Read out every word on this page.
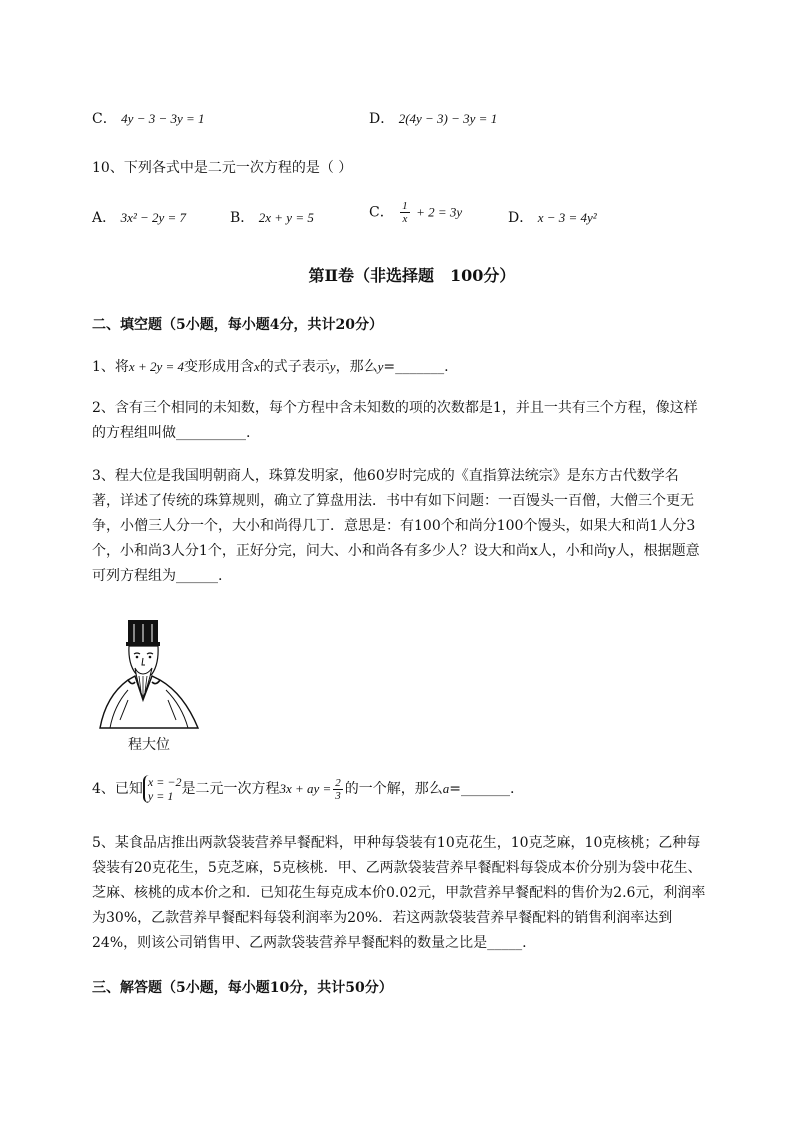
C． 4y − 3 − 3y = 1	D． 2(4y − 3) − 3y = 1
10、下列各式中是二元一次方程的是（ ）
A． 3x² − 2y = 7	B． 2x + y = 5	C． $\frac{1}{x} + 2 = 3y$	D． x − 3 = 4y²
第Ⅱ卷（非选择题　100分）
二、填空题（5小题，每小题4分，共计20分）
1、将x + 2y = 4变形成用含x的式子表示y，那么y=_______.
2、含有三个相同的未知数，每个方程中含未知数的项的次数都是1，并且一共有三个方程，像这样的方程组叫做__________.
3、程大位是我国明朝商人，珠算发明家，他60岁时完成的《直指算法统宗》是东方古代数学名著，详述了传统的珠算规则，确立了算盘用法．书中有如下问题：一百馒头一百僧，大僧三个更无争，小僧三人分一个，大小和尚得几丁．意思是：有100个和尚分100个馒头，如果大和尚1人分3个，小和尚3人分1个，正好分完，问大、小和尚各有多少人？设大和尚x人，小和尚y人，根据题意可列方程组为______.
程大位
4、已知 x = −2
y = 1 是二元一次方程3x + ay = $\frac{2}{3}$ 的一个解，那么a=_______.
5、某食品店推出两款袋装营养早餐配料，甲种每袋装有10克花生，10克芝麻，10克核桃；乙种每袋装有20克花生，5克芝麻，5克核桃．甲、乙两款袋装营养早餐配料每袋成本价分别为袋中花生、芝麻、核桃的成本价之和．已知花生每克成本价0.02元，甲款营养早餐配料的售价为2.6元，利润率为30%，乙款营养早餐配料每袋利润率为20%．若这两款袋装营养早餐配料的销售利润率达到24%，则该公司销售甲、乙两款袋装营养早餐配料的数量之比是_____.
三、解答题（5小题，每小题10分，共计50分）
